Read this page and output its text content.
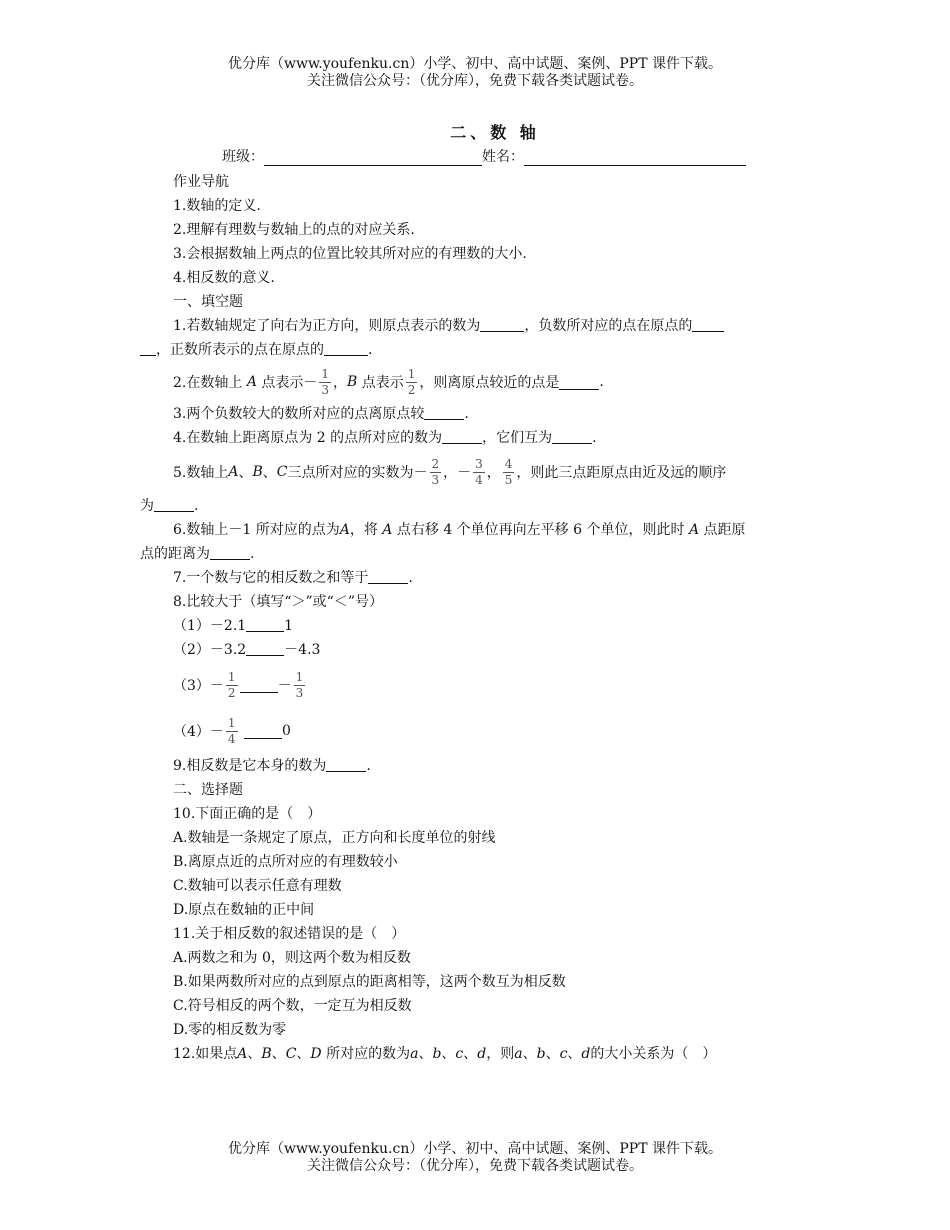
优分库（www.youfenku.cn）小学、初中、高中试题、案例、PPT 课件下载。
关注微信公众号：（优分库），免费下载各类试题试卷。
二、数 轴
班级：	姓名：

作业导航

1.数轴的定义.

2.理解有理数与数轴上的点的对应关系.

3.会根据数轴上两点的位置比较其所对应的有理数的大小.

4.相反数的意义.

一、填空题

1.若数轴规定了向右为正方向，则原点表示的数为	，负数所对应的点在原点的

，正数所表示的点在原点的	.

2.在数轴上
A
点表示－ $\frac{1}{3}$ ， B
点表示 $\frac{1}{2}$ ，则离原点较近的点是	.

3.两个负数较大的数所对应的点离原点较	.

4.在数轴上距离原点为 2 的点所对应的数为	，它们互为	.

5.数轴上 A 、 B 、 C 三点所对应的实数为－ $\frac{2}{3}$ ，－ $\frac{3}{4}$ ， $\frac{4}{5}$ ，则此三点距原点由近及远的顺序

为	.

6.数轴上－1 所对应的点为A，将 A 点右移 4 个单位再向左平移 6 个单位，则此时 A 点距原

点的距离为	.

7.一个数与它的相反数之和等于	.

8.比较大于（填写“＞”或“＜”号）

（1）－2.1	1

（2）－3.2	－4.3

$(3)- \frac{1}{2}$	－ $\frac{1}{3}$
$(4)- \frac{1}{4}$
	0

9.相反数是它本身的数为	.

二、选择题

10.下面正确的是（　）

A.数轴是一条规定了原点，正方向和长度单位的射线

B.离原点近的点所对应的有理数较小

C.数轴可以表示任意有理数

D.原点在数轴的正中间

11.关于相反数的叙述错误的是（　）

A.两数之和为 0，则这两个数为相反数

B.如果两数所对应的点到原点的距离相等，这两个数互为相反数

C.符号相反的两个数，一定互为相反数

D.零的相反数为零

12.如果点A、B、C、D 所对应的数为a、b、c、d，则a、b、c、d的大小关系为（　）

优分库（www.youfenku.cn）小学、初中、高中试题、案例、PPT 课件下载。
关注微信公众号：（优分库），免费下载各类试题试卷。
